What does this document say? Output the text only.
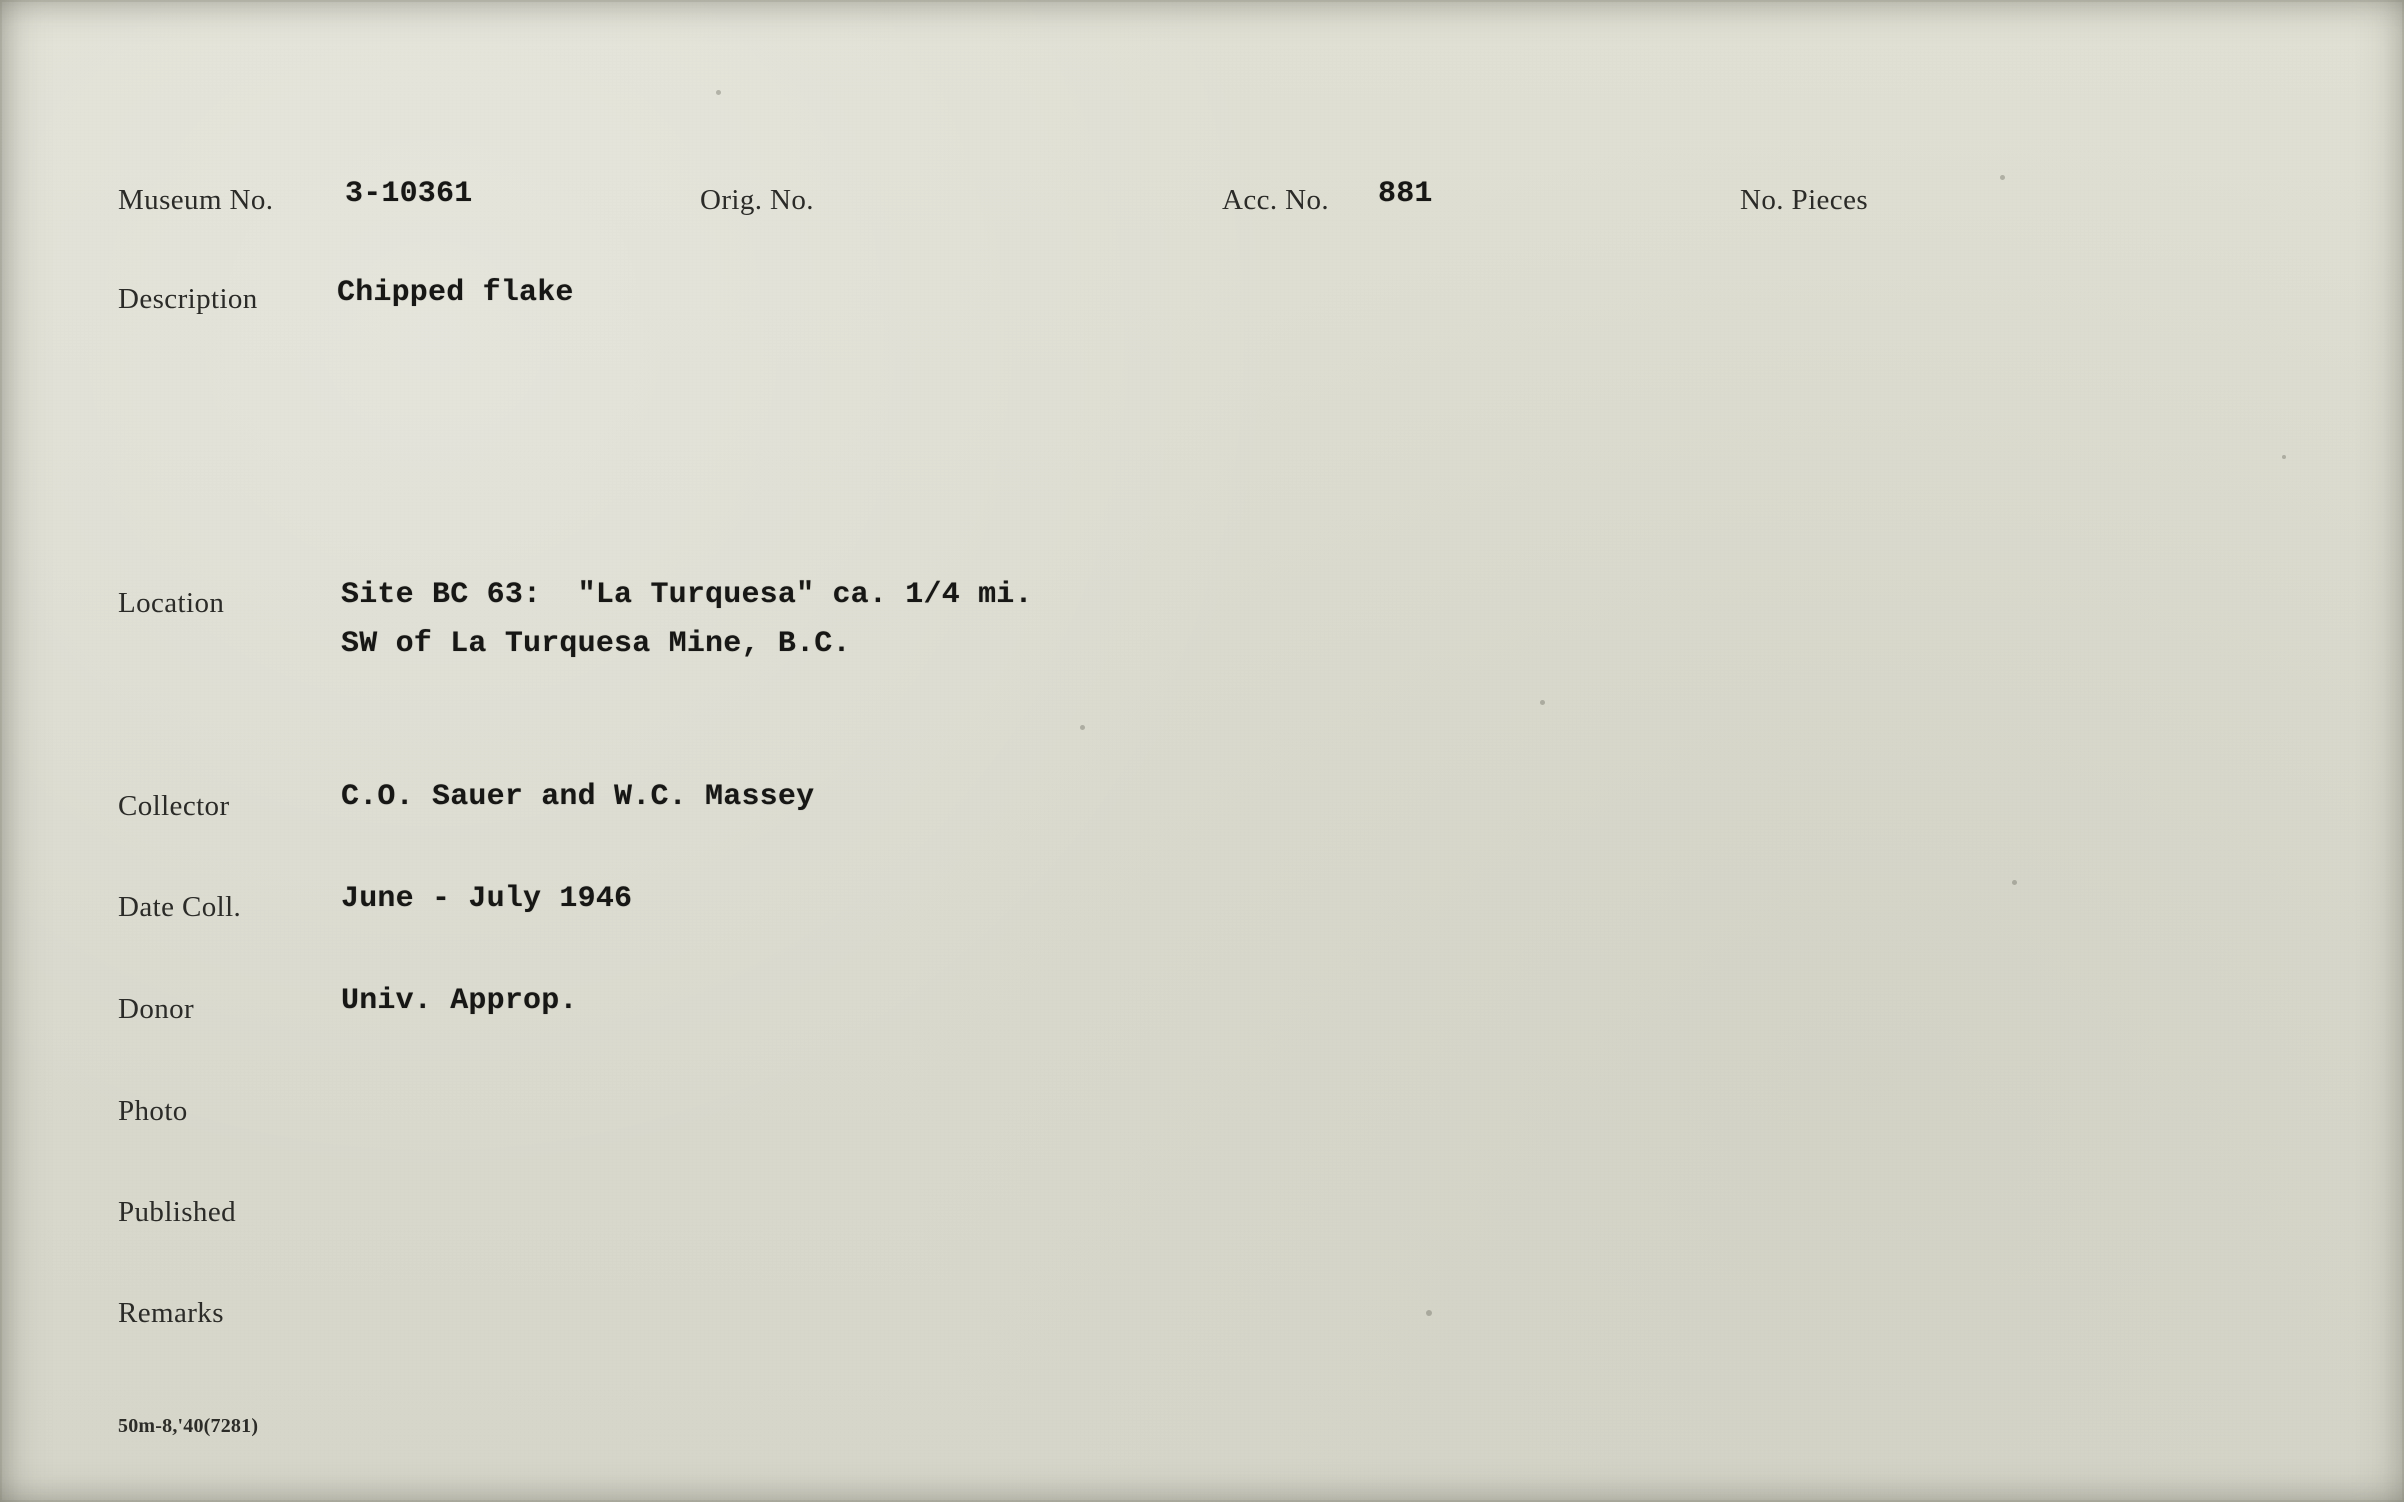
Museum No. 3-10361	Orig. No.	Acc. No. 881	No. Pieces
Description	Chipped flake
Location	Site BC 63:  "La Turquesa" ca. 1/4 mi.
SW of La Turquesa Mine, B.C.
Collector	C.O. Sauer and W.C. Massey
Date Coll.	June - July 1946
Donor	Univ. Approp.
Photo
Published
Remarks
50m-8,'40(7281)
